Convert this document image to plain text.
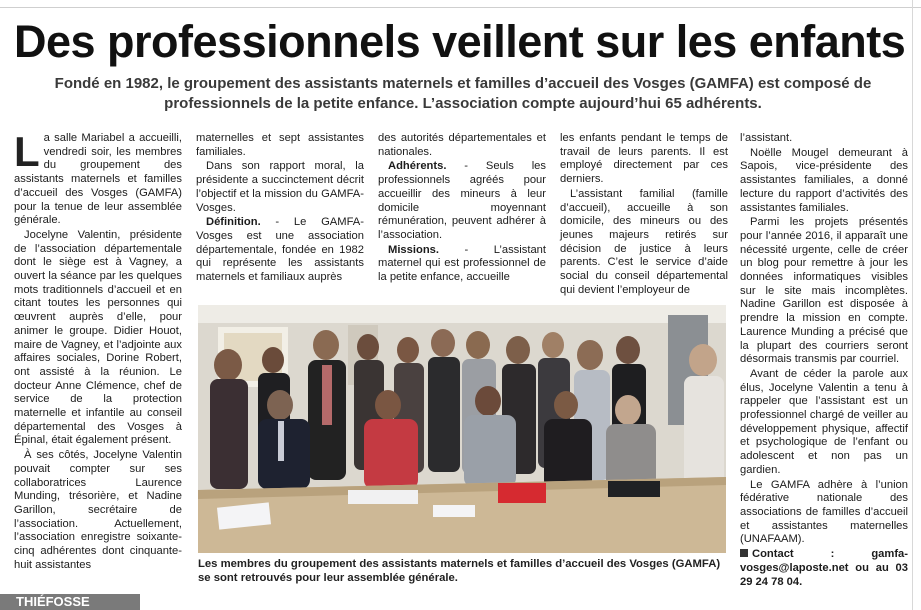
Des professionnels veillent sur les enfants

Fondé en 1982, le groupement des assistants maternels et familles d’accueil des Vosges (GAMFA) est composé de professionnels de la petite enfance. L’association compte aujourd’hui 65 adhérents.

La salle Mariabel a accueilli, vendredi soir, les membres du groupement des assistants maternels et familles d’accueil des Vosges (GAMFA) pour la tenue de leur assemblée générale.

Jocelyne Valentin, présidente de l’association départementale dont le siège est à Vagney, a ouvert la séance par les quelques mots traditionnels d’accueil et en citant toutes les personnes qui œuvrent auprès d’elle, pour animer le groupe. Didier Houot, maire de Vagney, et l’adjointe aux affaires sociales, Dorine Robert, ont assisté à la réunion. Le docteur Anne Clémence, chef de service de la protection maternelle et infantile au conseil départemental des Vosges à Épinal, était également présent.

À ses côtés, Jocelyne Valentin pouvait compter sur ses collaboratrices Laurence Munding, trésorière, et Nadine Garillon, secrétaire de l’association. Actuellement, l’association enregistre soixante-cinq adhérentes dont cinquante-huit assistantes

maternelles et sept assistantes familiales.

Dans son rapport moral, la présidente a succinctement décrit l’objectif et la mission du GAMFA-Vosges.

Définition. - Le GAMFA-Vosges est une association départementale, fondée en 1982 qui représente les assistants maternels et familiaux auprès

des autorités départementales et nationales.

Adhérents. - Seuls les professionnels agréés pour accueillir des mineurs à leur domicile moyennant rémunération, peuvent adhérer à l’association.

Missions. - L’assistant maternel qui est professionnel de la petite enfance, accueille

les enfants pendant le temps de travail de leurs parents. Il est employé directement par ces derniers.

L’assistant familial (famille d’accueil), accueille à son domicile, des mineurs ou des jeunes majeurs retirés sur décision de justice à leurs parents. C’est le service d’aide social du conseil départemental qui devient l’employeur de

l’assistant.

Noëlle Mougel demeurant à Sapois, vice-présidente des assistantes familiales, a donné lecture du rapport d’activités des assistantes familiales.

Parmi les projets présentés pour l’année 2016, il apparaît une nécessité urgente, celle de créer un blog pour remettre à jour les données informatiques visibles sur le site mais incomplètes. Nadine Garillon est disposée à prendre la mission en compte. Laurence Munding a précisé que la plupart des courriers seront désormais transmis par courriel.

Avant de céder la parole aux élus, Jocelyne Valentin a tenu à rappeler que l’assistant est un professionnel chargé de veiller au développement physique, affectif et psychologique de l’enfant ou adolescent et non pas un gardien.

Le GAMFA adhère à l’union fédérative nationale des associations de familles d’accueil et assistantes maternelles (UNAFAAM).

Contact : gamfa-vosges@laposte.net ou au 03 29 24 78 04.

Les membres du groupement des assistants maternels et familles d’accueil des Vosges (GAMFA) se sont retrouvés pour leur assemblée générale.

THIÉFOSSE
